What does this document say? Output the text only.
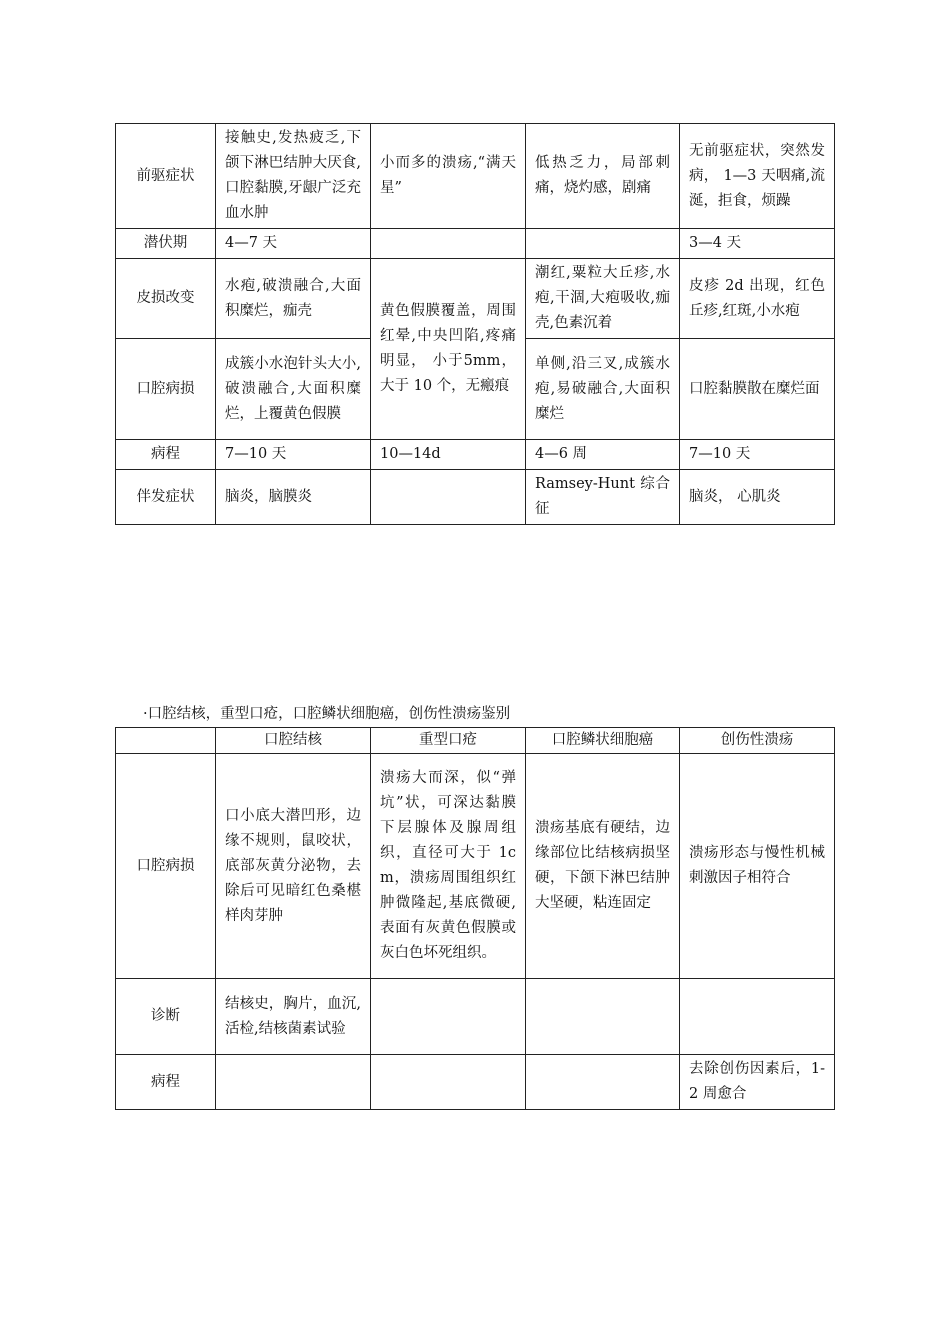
前驱症状	接触史,发热疲乏,下颌下淋巴结肿大厌食,口腔黏膜,牙龈广泛充血水肿	小而多的溃疡,“满天星”	低热乏力，局部刺痛，烧灼感，剧痛	无前驱症状，突然发病， 1—3 天咽痛,流涎，拒食，烦躁
潜伏期	4—7 天			3—4 天
皮损改变	水疱,破溃融合,大面积糜烂，痂壳	黄色假膜覆盖，周围红晕,中央凹陷,疼痛明显， 小于5mm，大于 10 个，无瘢痕	潮红,粟粒大丘疹,水疱,干涸,大疱吸收,痂壳,色素沉着	皮疹 2d 出现，红色丘疹,红斑,小水疱
口腔病损	成簇小水泡针头大小,破溃融合,大面积糜烂，上覆黄色假膜		单侧,沿三叉,成簇水疱,易破融合,大面积糜烂	口腔黏膜散在糜烂面
病程	7—10 天	10—14d	4—6 周	7—10 天
伴发症状	脑炎，脑膜炎		Ramsey-Hunt 综合征	脑炎， 心肌炎
·口腔结核，重型口疮，口腔鳞状细胞癌，创伤性溃疡鉴别
	口腔结核	重型口疮	口腔鳞状细胞癌	创伤性溃疡
口腔病损	口小底大潜凹形，边缘不规则，鼠咬状，底部灰黄分泌物，去除后可见暗红色桑椹样肉芽肿	溃疡大而深，似“弹坑”状，可深达黏膜下层腺体及腺周组织，直径可大于 1cm，溃疡周围组织红肿微隆起,基底微硬,表面有灰黄色假膜或灰白色坏死组织。	溃疡基底有硬结，边缘部位比结核病损坚硬，下颌下淋巴结肿大坚硬，粘连固定	溃疡形态与慢性机械刺激因子相符合
诊断	结核史，胸片，血沉,活检,结核菌素试验			
病程				去除创伤因素后，1-2 周愈合
